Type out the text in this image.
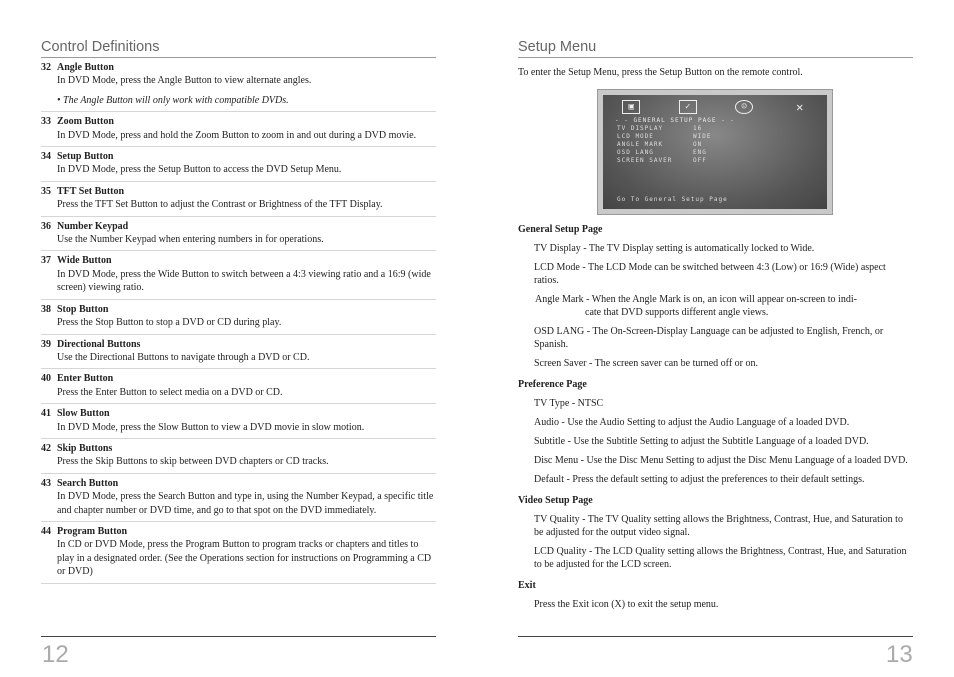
Control Definitions
32 Angle Button
In DVD Mode, press the Angle Button to view alternate angles.
• The Angle Button will only work with compatible DVDs.
33 Zoom Button
In DVD Mode, press and hold the Zoom Button to zoom in and out during a DVD movie.
34 Setup Button
In DVD Mode, press the Setup Button to access the DVD Setup Menu.
35 TFT Set Button
Press the TFT Set Button to adjust the Contrast or Brightness of the TFT Display.
36 Number Keypad
Use the Number Keypad when entering numbers in for operations.
37 Wide Button
In DVD Mode, press the Wide Button to switch between a 4:3 viewing ratio and a 16:9 (wide screen) viewing ratio.
38 Stop Button
Press the Stop Button to stop a DVD or CD during play.
39 Directional Buttons
Use the Directional Buttons to navigate through a DVD or CD.
40 Enter Button
Press the Enter Button to select media on a DVD or CD.
41 Slow Button
In DVD Mode, press the Slow Button to view a DVD movie in slow motion.
42 Skip Buttons
Press the Skip Buttons to skip between DVD chapters or CD tracks.
43 Search Button
In DVD Mode, press the Search Button and type in, using the Number Keypad, a specific title and chapter number or DVD time, and go to that spot on the DVD immediately.
44 Program Button
In CD or DVD Mode, press the Program Button to program tracks or chapters and titles to play in a designated order. (See the Operations section for instructions on Programming a CD or DVD)
12
Setup Menu
To enter the Setup Menu, press the Setup Button on the remote control.
▣	✓	☺	✕
- - GENERAL SETUP PAGE - -
TV DISPLAY	16
LCD MODE	WIDE
ANGLE MARK	ON
OSD LANG	ENG
SCREEN SAVER	OFF
Go To General Setup Page
General Setup Page
TV Display - The TV Display setting is automatically locked to Wide.
LCD Mode - The LCD Mode can be switched between 4:3 (Low) or 16:9 (Wide) aspect ratios.
Angle Mark - When the Angle Mark is on, an icon will appear on-screen to indi-
cate that DVD supports different angle views.
OSD LANG - The On-Screen-Display Language can be adjusted to English, French, or Spanish.
Screen Saver - The screen saver can be turned off or on.
Preference Page
TV Type - NTSC
Audio - Use the Audio Setting to adjust the Audio Language of a loaded DVD.
Subtitle - Use the Subtitle Setting to adjust the Subtitle Language of a loaded DVD.
Disc Menu - Use the Disc Menu Setting to adjust the Disc Menu Language of a loaded DVD.
Default - Press the default setting to adjust the preferences to their default settings.
Video Setup Page
TV Quality - The TV Quality setting allows the Brightness, Contrast, Hue, and Saturation to be adjusted for the output video signal.
LCD Quality - The LCD Quality setting allows the Brightness, Contrast, Hue, and Saturation to be adjusted for the LCD screen.
Exit
Press the Exit icon (X) to exit the setup menu.
13
